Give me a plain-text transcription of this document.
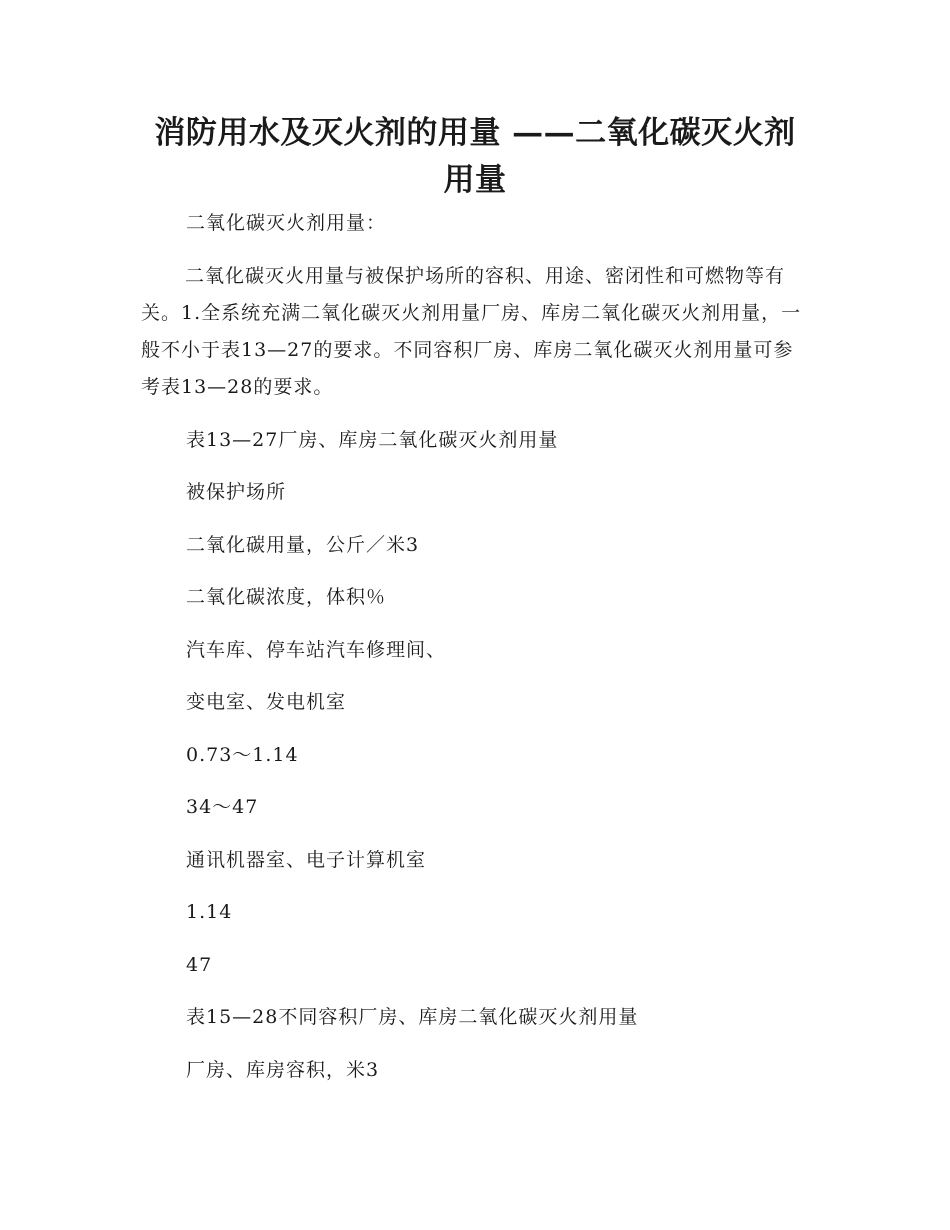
消防用水及灭火剂的用量 ——二氧化碳灭火剂用量

二氧化碳灭火剂用量：

二氧化碳灭火用量与被保护场所的容积、用途、密闭性和可燃物等有关。1.全系统充满二氧化碳灭火剂用量厂房、库房二氧化碳灭火剂用量，一般不小于表13—27的要求。不同容积厂房、库房二氧化碳灭火剂用量可参考表13—28的要求。

表13—27厂房、库房二氧化碳灭火剂用量

被保护场所

二氧化碳用量，公斤／米3

二氧化碳浓度，体积％

汽车库、停车站汽车修理间、

变电室、发电机室

0.73～1.14

34～47

通讯机器室、电子计算机室

1.14

47

表15—28不同容积厂房、库房二氧化碳灭火剂用量

厂房、库房容积，米3
